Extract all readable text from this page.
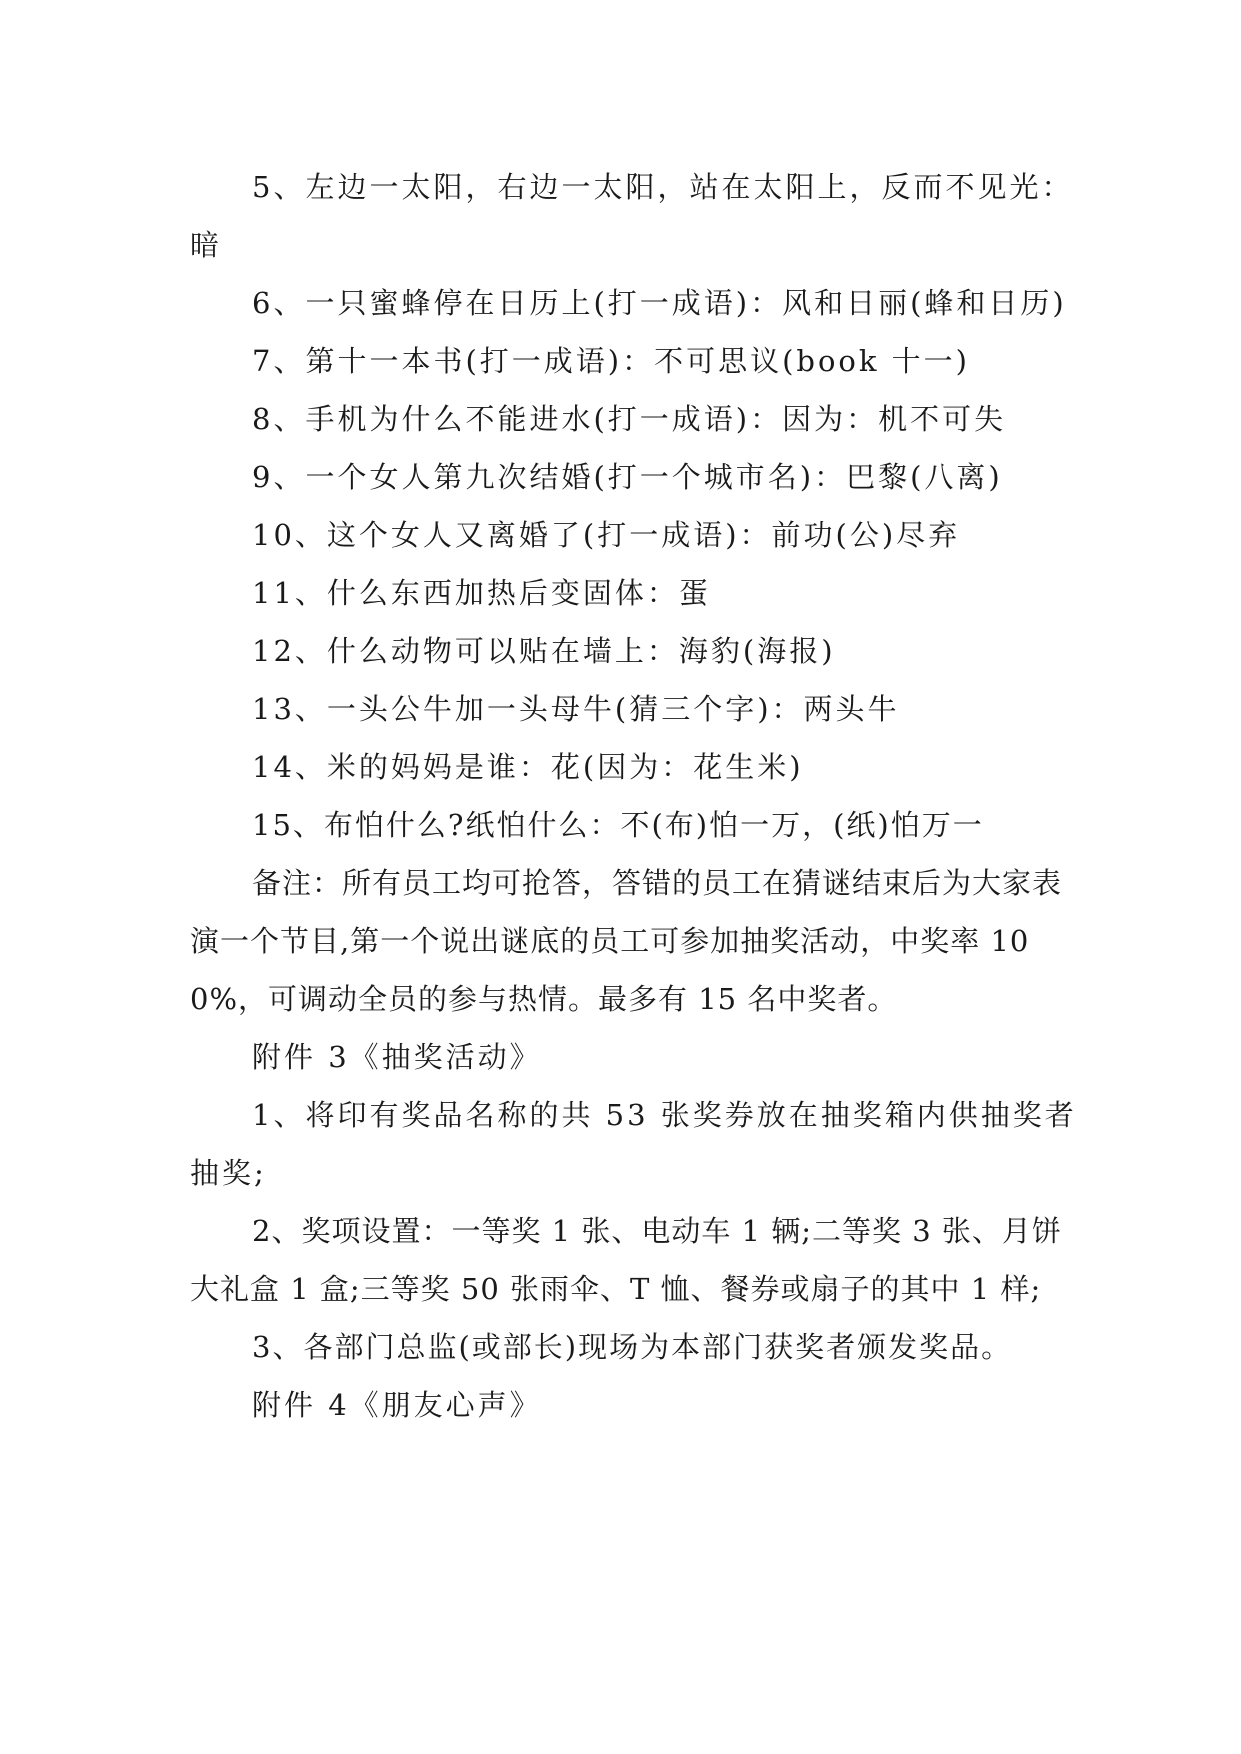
5、左边一太阳，右边一太阳，站在太阳上，反而不见光：暗

6、一只蜜蜂停在日历上(打一成语)：风和日丽(蜂和日历)

7、第十一本书(打一成语)：不可思议(book 十一)

8、手机为什么不能进水(打一成语)：因为：机不可失

9、一个女人第九次结婚(打一个城市名)：巴黎(八离)

10、这个女人又离婚了(打一成语)：前功(公)尽弃

11、什么东西加热后变固体：蛋

12、什么动物可以贴在墙上：海豹(海报)

13、一头公牛加一头母牛(猜三个字)：两头牛

14、米的妈妈是谁：花(因为：花生米)

15、布怕什么?纸怕什么：不(布)怕一万，(纸)怕万一

备注：所有员工均可抢答，答错的员工在猜谜结束后为大家表演一个节目,第一个说出谜底的员工可参加抽奖活动，中奖率 100%，可调动全员的参与热情。最多有 15 名中奖者。

附件 3《抽奖活动》

1、将印有奖品名称的共 53 张奖券放在抽奖箱内供抽奖者抽奖;

2、奖项设置：一等奖 1 张、电动车 1 辆;二等奖 3 张、月饼大礼盒 1 盒;三等奖 50 张雨伞、T 恤、餐券或扇子的其中 1 样;

3、各部门总监(或部长)现场为本部门获奖者颁发奖品。

附件 4《朋友心声》
